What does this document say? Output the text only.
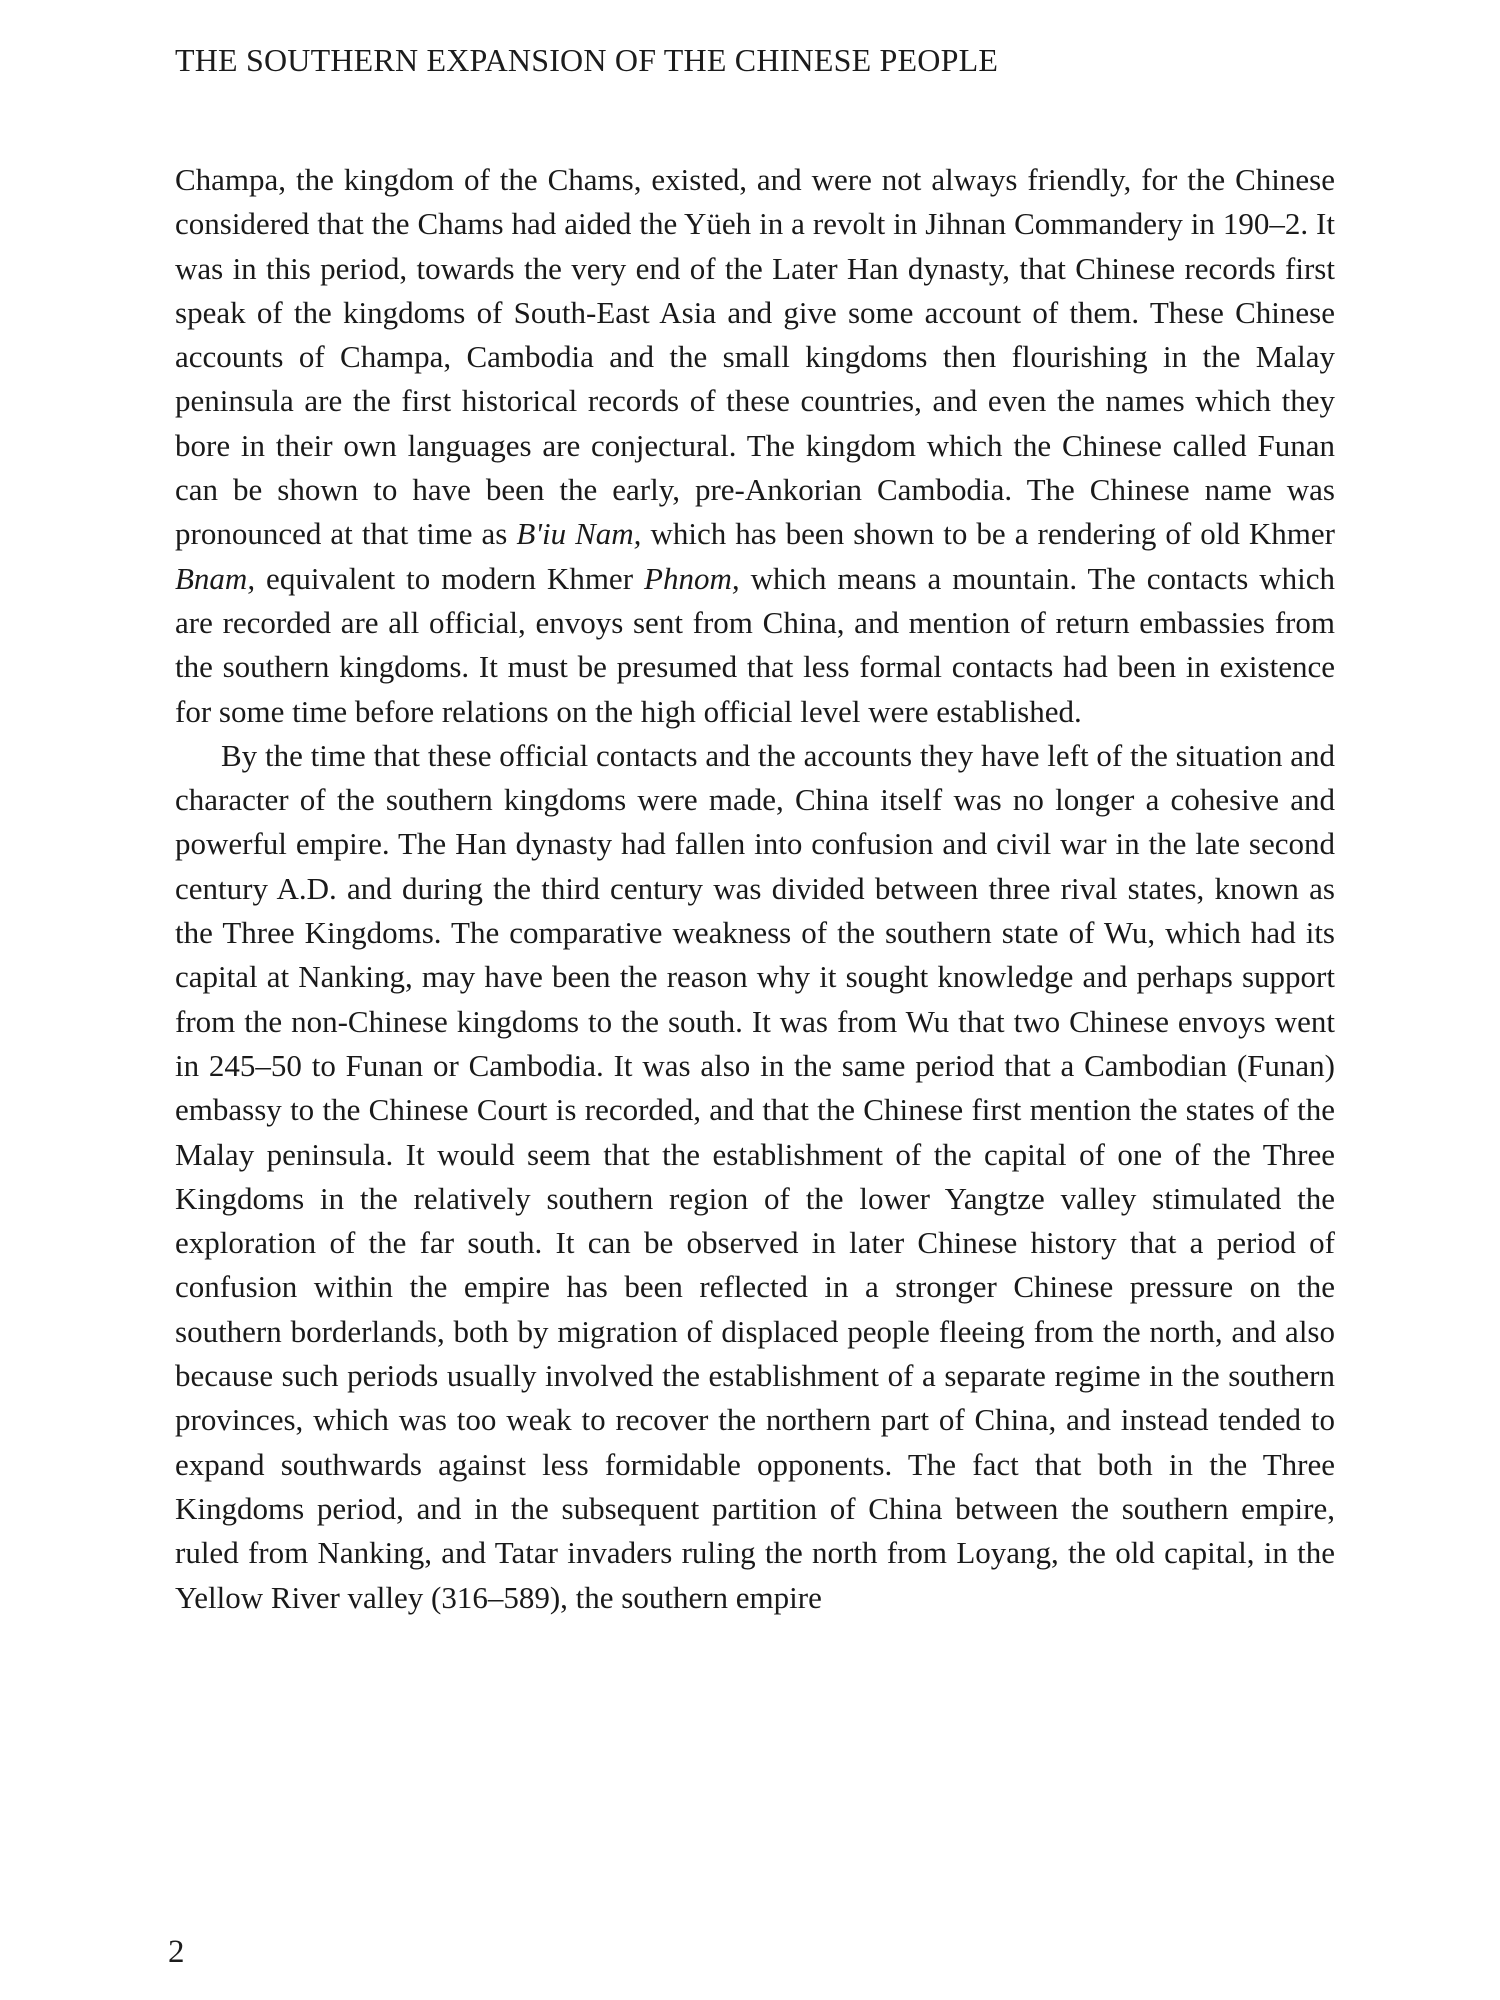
THE SOUTHERN EXPANSION OF THE CHINESE PEOPLE

Champa, the kingdom of the Chams, existed, and were not always friendly, for the Chinese considered that the Chams had aided the Yüeh in a revolt in Jihnan Commandery in 190–2. It was in this period, towards the very end of the Later Han dynasty, that Chinese records first speak of the kingdoms of South-East Asia and give some account of them. These Chinese accounts of Champa, Cambodia and the small kingdoms then flourishing in the Malay peninsula are the first historical records of these countries, and even the names which they bore in their own languages are conjectural. The kingdom which the Chinese called Funan can be shown to have been the early, pre-Ankorian Cambodia. The Chinese name was pronounced at that time as B'iu Nam, which has been shown to be a rendering of old Khmer Bnam, equivalent to modern Khmer Phnom, which means a mountain. The contacts which are recorded are all official, envoys sent from China, and mention of return embassies from the southern kingdoms. It must be presumed that less formal contacts had been in existence for some time before relations on the high official level were established.

By the time that these official contacts and the accounts they have left of the situation and character of the southern kingdoms were made, China itself was no longer a cohesive and powerful empire. The Han dynasty had fallen into confusion and civil war in the late second century A.D. and during the third century was divided between three rival states, known as the Three Kingdoms. The comparative weakness of the southern state of Wu, which had its capital at Nanking, may have been the reason why it sought knowledge and perhaps support from the non-Chinese kingdoms to the south. It was from Wu that two Chinese envoys went in 245–50 to Funan or Cambodia. It was also in the same period that a Cambodian (Funan) embassy to the Chinese Court is recorded, and that the Chinese first mention the states of the Malay peninsula. It would seem that the establishment of the capital of one of the Three Kingdoms in the relatively southern region of the lower Yangtze valley stimulated the exploration of the far south. It can be observed in later Chinese history that a period of confusion within the empire has been reflected in a stronger Chinese pressure on the southern borderlands, both by migration of displaced people fleeing from the north, and also because such periods usually involved the establishment of a separate regime in the southern provinces, which was too weak to recover the northern part of China, and instead tended to expand southwards against less formidable opponents. The fact that both in the Three Kingdoms period, and in the subsequent partition of China between the southern empire, ruled from Nanking, and Tatar invaders ruling the north from Loyang, the old capital, in the Yellow River valley (316–589), the southern empire

2
